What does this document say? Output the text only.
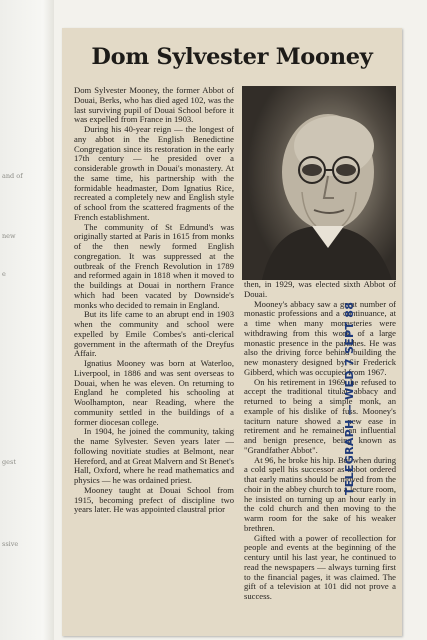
and of
new
e
gest
ssive
Dom Sylvester Mooney

Dom Sylvester Mooney, the former Abbot of Douai, Berks, who has died aged 102, was the last surviving pupil of Douai School before it was expelled from France in 1903.

During his 40-year reign — the longest of any abbot in the English Benedictine Congregation since its restoration in the early 17th century — he presided over a considerable growth in Douai's monastery. At the same time, his partnership with the formidable headmaster, Dom Ignatius Rice, recreated a completely new and English style of school from the scattered fragments of the French establishment.

The community of St Edmund's was originally started at Paris in 1615 from monks of the then newly formed English congregation. It was suppressed at the outbreak of the French Revolution in 1789 and reformed again in 1818 when it moved to the buildings at Douai in northern France which had been vacated by Downside's monks who decided to remain in England.

But its life came to an abrupt end in 1903 when the community and school were expelled by Emile Combes's anti-clerical government in the aftermath of the Dreyfus Affair.

Ignatius Mooney was born at Waterloo, Liverpool, in 1886 and was sent overseas to Douai, when he was eleven. On returning to England he completed his schooling at Woolhampton, near Reading, where the community settled in the buildings of a former diocesan college.

In 1904, he joined the community, taking the name Sylvester. Seven years later — following novitiate studies at Belmont, near Hereford, and at Great Malvern and St Benet's Hall, Oxford, where he read mathematics and physics — he was ordained priest.

Mooney taught at Douai School from 1915, becoming prefect of discipline two years later. He was appointed claustral prior

then, in 1929, was elected sixth Abbot of Douai.

Mooney's abbacy saw a great number of monastic professions and a continuance, at a time when many monasteries were withdrawing from this work, of a large monastic presence in the parishes. He was also the driving force behind building the new monastery designed by Sir Frederick Gibberd, which was occupied from 1967.

On his retirement in 1969, he refused to accept the traditional titular abbacy and returned to being a simple monk, an example of his dislike of fuss. Mooney's taciturn nature showed a new ease in retirement and he remained an influential and benign presence, being known as "Grandfather Abbot".

At 96, he broke his hip. But when during a cold spell his successor as abbot ordered that early matins should be moved from the choir in the abbey church to a lecture room, he insisted on turning up an hour early in the cold church and then moving to the warm room for the sake of his weaker brethren.

Gifted with a power of recollection for people and events at the beginning of the century until his last year, he continued to read the newspapers — always turning first to the financial pages, it was claimed. The gift of a television at 101 did not prove a success.

TELEGRAPH — WED 7 SEPT 88
